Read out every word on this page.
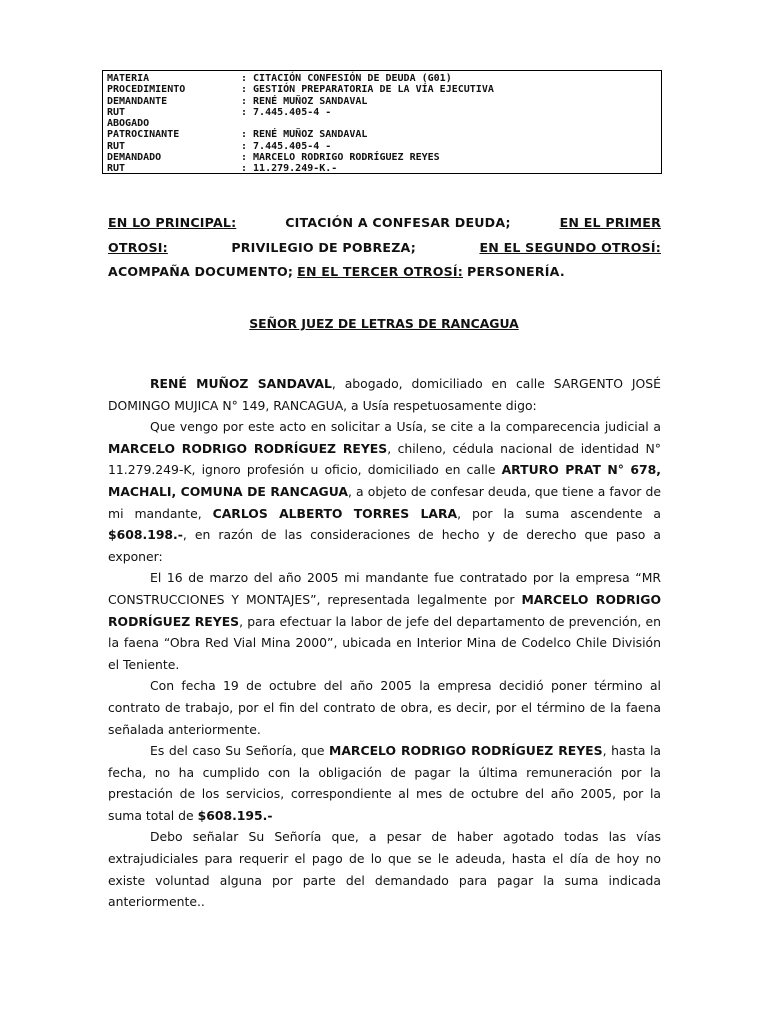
MATERIA	: CITACIÓN CONFESIÓN DE DEUDA (G01)
PROCEDIMIENTO	: GESTIÓN PREPARATORIA DE LA VÍA EJECUTIVA
DEMANDANTE	: RENÉ MUÑOZ SANDAVAL
RUT	: 7.445.405-4 -
ABOGADO
PATROCINANTE	: RENÉ MUÑOZ SANDAVAL
RUT	: 7.445.405-4 -
DEMANDADO	: MARCELO RODRIGO RODRÍGUEZ REYES
RUT	: 11.279.249-K.-
EN LO PRINCIPAL:	CITACIÓN A CONFESAR DEUDA;	EN EL PRIMER
OTROSI:	PRIVILEGIO DE POBREZA;	EN EL SEGUNDO OTROSÍ:
ACOMPAÑA DOCUMENTO; EN EL TERCER OTROSÍ: PERSONERÍA.
SEÑOR JUEZ DE LETRAS DE RANCAGUA

RENÉ MUÑOZ SANDAVAL, abogado, domiciliado en calle SARGENTO JOSÉ DOMINGO MUJICA N° 149, RANCAGUA, a Usía respetuosamente digo:

Que vengo por este acto en solicitar a Usía, se cite a la comparecencia judicial a MARCELO RODRIGO RODRÍGUEZ REYES, chileno, cédula nacional de identidad N° 11.279.249-K, ignoro profesión u oficio, domiciliado en calle ARTURO PRAT N° 678, MACHALI, COMUNA DE RANCAGUA, a objeto de confesar deuda, que tiene a favor de mi mandante, CARLOS ALBERTO TORRES LARA, por la suma ascendente a $608.198.-, en razón de las consideraciones de hecho y de derecho que paso a exponer:

El 16 de marzo del año 2005 mi mandante fue contratado por la empresa “MR CONSTRUCCIONES Y MONTAJES”, representada legalmente por MARCELO RODRIGO RODRÍGUEZ REYES, para efectuar la labor de jefe del departamento de prevención, en la faena “Obra Red Vial Mina 2000”, ubicada en Interior Mina de Codelco Chile División el Teniente.

Con fecha 19 de octubre del año 2005 la empresa decidió poner término al contrato de trabajo, por el fin del contrato de obra, es decir, por el término de la faena señalada anteriormente.

Es del caso Su Señoría, que MARCELO RODRIGO RODRÍGUEZ REYES, hasta la fecha, no ha cumplido con la obligación de pagar la última remuneración por la prestación de los servicios, correspondiente al mes de octubre del año 2005, por la suma total de $608.195.-

Debo señalar Su Señoría que, a pesar de haber agotado todas las vías extrajudiciales para requerir el pago de lo que se le adeuda, hasta el día de hoy no existe voluntad alguna por parte del demandado para pagar la suma indicada anteriormente..
